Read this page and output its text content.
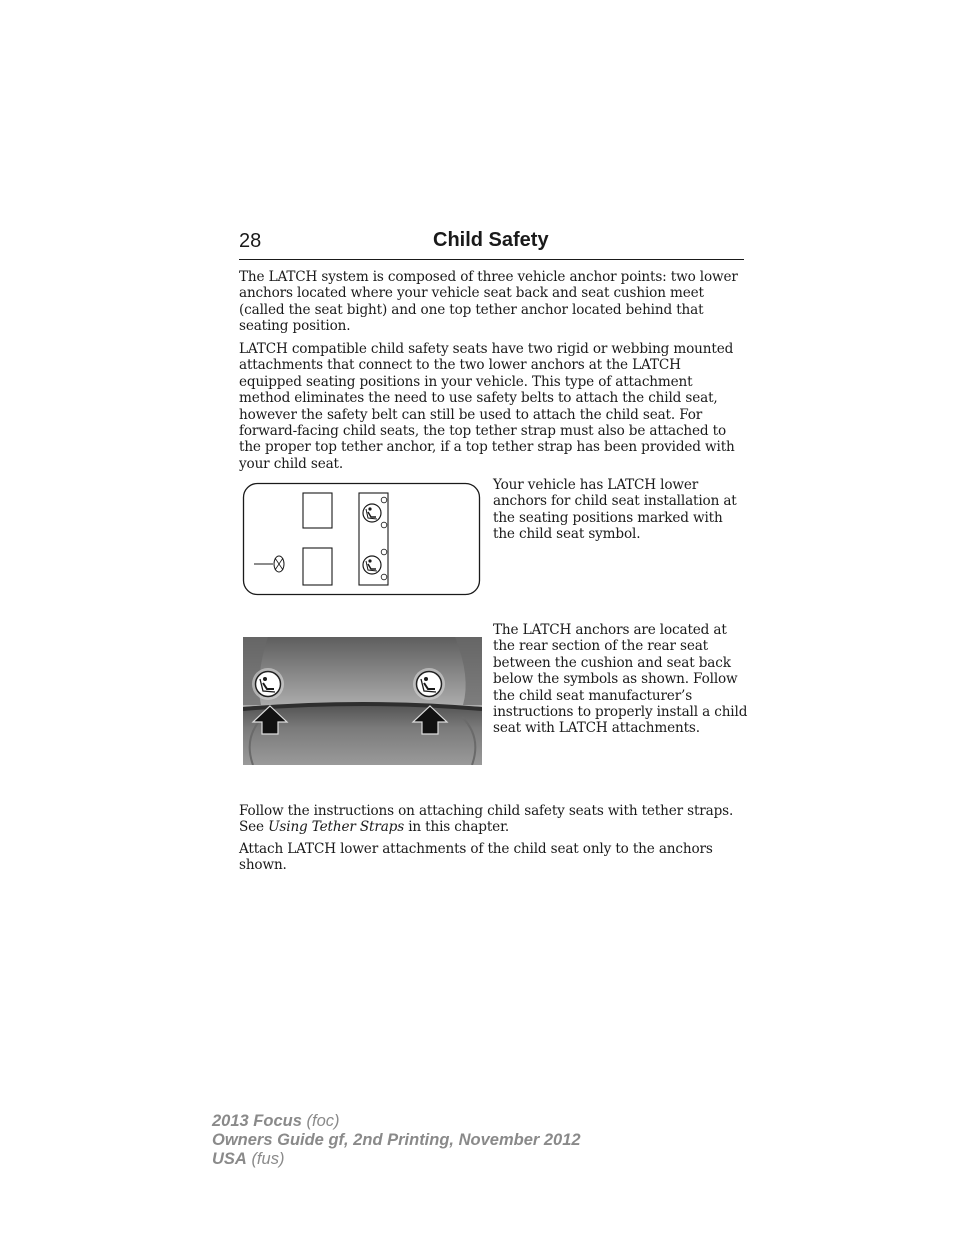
28	Child Safety

The LATCH system is composed of three vehicle anchor points: two lower anchors located where your vehicle seat back and seat cushion meet (called the seat bight) and one top tether anchor located behind that seating position.

LATCH compatible child safety seats have two rigid or webbing mounted attachments that connect to the two lower anchors at the LATCH equipped seating positions in your vehicle. This type of attachment method eliminates the need to use safety belts to attach the child seat, however the safety belt can still be used to attach the child seat. For forward-facing child seats, the top tether strap must also be attached to the proper top tether anchor, if a top tether strap has been provided with your child seat.

Your vehicle has LATCH lower anchors for child seat installation at the seating positions marked with the child seat symbol.

The LATCH anchors are located at the rear section of the rear seat between the cushion and seat back below the symbols as shown. Follow the child seat manufacturer’s instructions to properly install a child seat with LATCH attachments.

Follow the instructions on attaching child safety seats with tether straps. See Using Tether Straps in this chapter.

Attach LATCH lower attachments of the child seat only to the anchors shown.

2013 Focus (foc)
Owners Guide gf, 2nd Printing, November 2012
USA (fus)
